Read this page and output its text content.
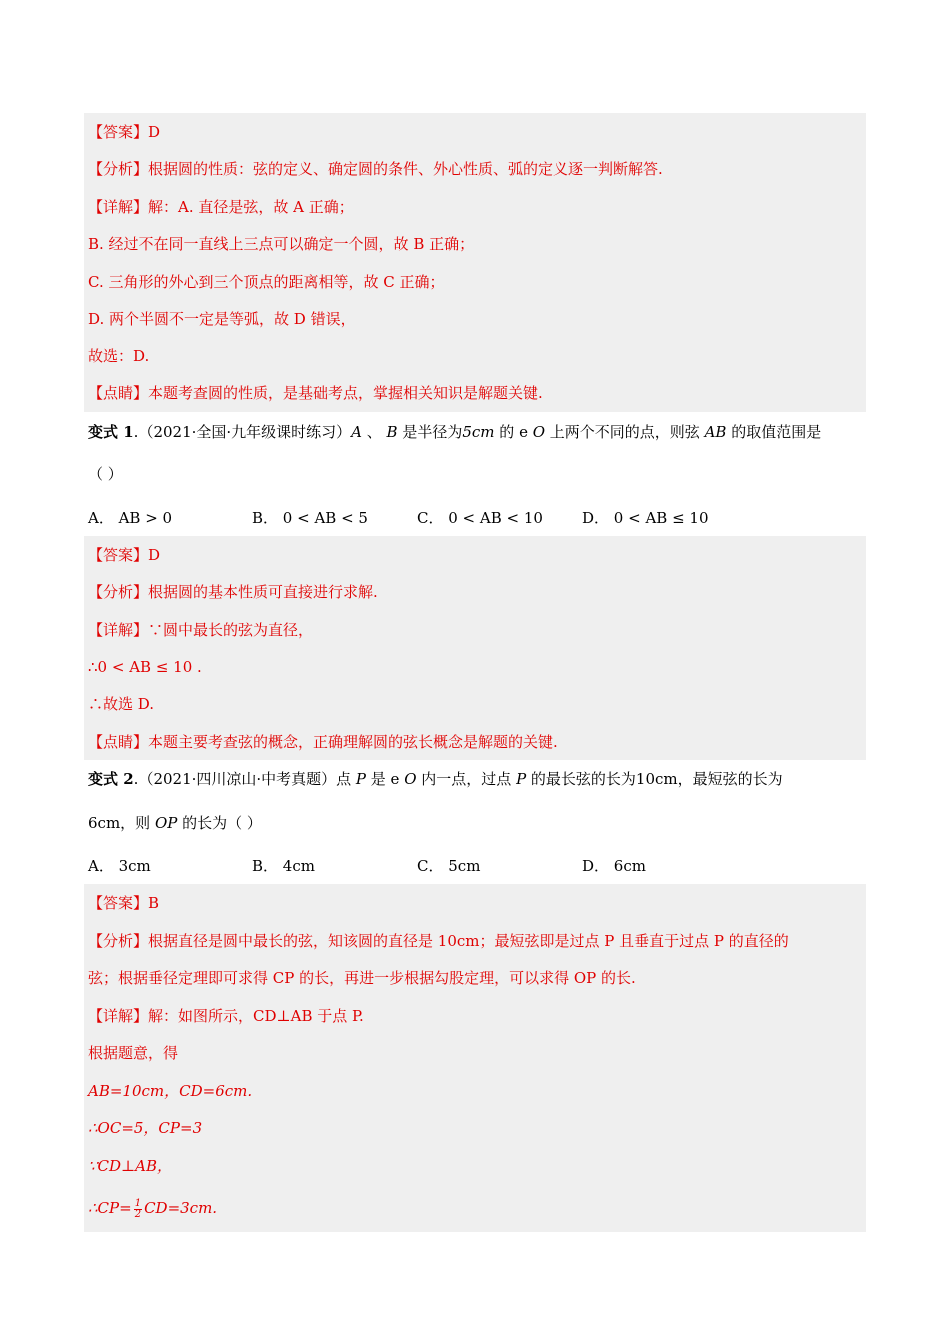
【答案】D
【分析】根据圆的性质：弦的定义、确定圆的条件、外心性质、弧的定义逐一判断解答.
【详解】解：A. 直径是弦，故 A 正确；
B. 经过不在同一直线上三点可以确定一个圆，故 B 正确；
C. 三角形的外心到三个顶点的距离相等，故 C 正确；
D. 两个半圆不一定是等弧，故 D 错误，
故选：D.
【点睛】本题考查圆的性质，是基础考点，掌握相关知识是解题关键.
变式 1.（2021·全国·九年级课时练习）A 、 B 是半径为5cm 的 e O 上两个不同的点，则弦 AB 的取值范围是
（ ）
A． AB > 0	B． 0 < AB < 5	C． 0 < AB < 10	D． 0 < AB ≤ 10
【答案】D
【分析】根据圆的基本性质可直接进行求解.
【详解】∵圆中最长的弦为直径，
∴0 < AB ≤ 10 .
∴故选 D.
【点睛】本题主要考查弦的概念，正确理解圆的弦长概念是解题的关键.
变式 2.（2021·四川凉山·中考真题）点 P 是 e O 内一点，过点 P 的最长弦的长为10cm，最短弦的长为
6cm，则 OP 的长为（ ）
A． 3cm	B． 4cm	C． 5cm	D． 6cm
【答案】B
【分析】根据直径是圆中最长的弦，知该圆的直径是 10cm；最短弦即是过点 P 且垂直于过点 P 的直径的
弦；根据垂径定理即可求得 CP 的长，再进一步根据勾股定理，可以求得 OP 的长.
【详解】解：如图所示，CD⊥AB 于点 P.
根据题意，得
AB=10cm，CD=6cm.
∴OC=5，CP=3
∵CD⊥AB，
∴CP= $\frac{1}{2} CD=3cm$.
